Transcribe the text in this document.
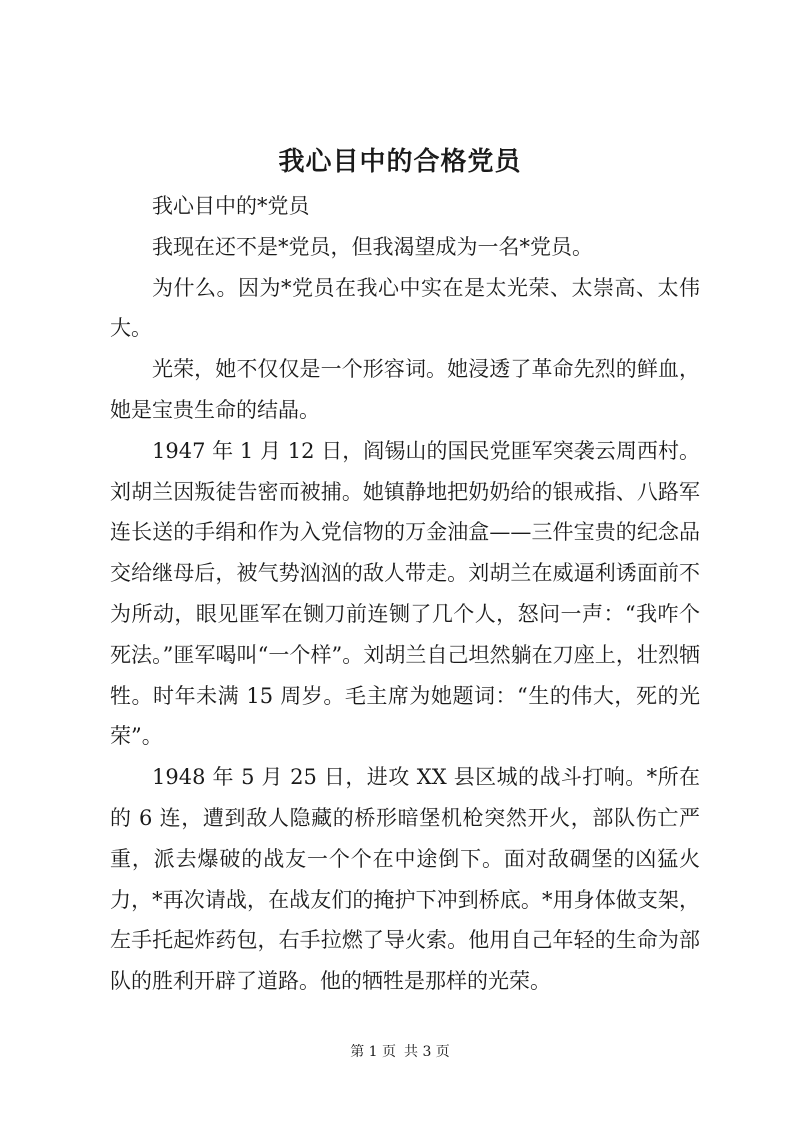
我心目中的合格党员

我心目中的*党员

我现在还不是*党员，但我渴望成为一名*党员。

为什么。因为*党员在我心中实在是太光荣、太崇高、太伟大。

光荣，她不仅仅是一个形容词。她浸透了革命先烈的鲜血，她是宝贵生命的结晶。

1947 年 1 月 12 日，阎锡山的国民党匪军突袭云周西村。刘胡兰因叛徒告密而被捕。她镇静地把奶奶给的银戒指、八路军连长送的手绢和作为入党信物的万金油盒——三件宝贵的纪念品交给继母后，被气势汹汹的敌人带走。刘胡兰在威逼利诱面前不为所动，眼见匪军在铡刀前连铡了几个人，怒问一声：“我咋个死法。”匪军喝叫“一个样”。刘胡兰自己坦然躺在刀座上，壮烈牺牲。时年未满 15 周岁。毛主席为她题词：“生的伟大，死的光荣”。

1948 年 5 月 25 日，进攻 XX 县区城的战斗打响。*所在的 6 连，遭到敌人隐藏的桥形暗堡机枪突然开火，部队伤亡严重，派去爆破的战友一个个在中途倒下。面对敌碉堡的凶猛火力，*再次请战，在战友们的掩护下冲到桥底。*用身体做支架，左手托起炸药包，右手拉燃了导火索。他用自己年轻的生命为部队的胜利开辟了道路。他的牺牲是那样的光荣。

第 1 页 共 3 页
